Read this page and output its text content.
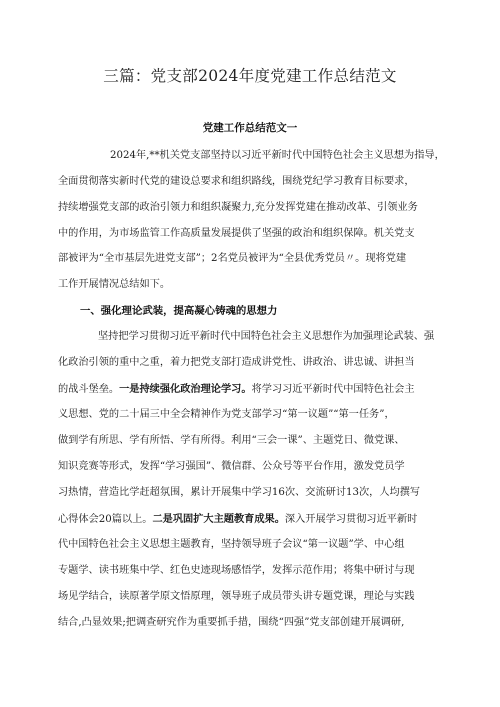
三篇：党支部2024年度党建工作总结范文
党建工作总结范文一
2024年,**机关党支部坚持以习近平新时代中国特色社会主义思想为指导，
全面贯彻落实新时代党的建设总要求和组织路线，围绕党纪学习教育目标要求，
持续增强党支部的政治引领力和组织凝聚力,充分发挥党建在推动改革、引领业务
中的作用，为市场监管工作高质量发展提供了坚强的政治和组织保障。机关党支
部被评为“全市基层先进党支部”；2名党员被评为“全县优秀党员〃。现将党建
工作开展情况总结如下。
一、强化理论武装，提高凝心铸魂的思想力
坚持把学习贯彻习近平新时代中国特色社会主义思想作为加强理论武装、强
化政治引领的重中之重，着力把党支部打造成讲党性、讲政治、讲忠诚、讲担当
的战斗堡垒。一是持续强化政治理论学习。将学习习近平新时代中国特色社会主
义思想、党的二十届三中全会精神作为党支部学习“第一议题”“第一任务”，
做到学有所思、学有所悟、学有所得。利用“三会一课”、主题党日、微党课、
知识竞赛等形式，发挥“学习强国”、微信群、公众号等平台作用，激发党员学
习热情，营造比学赶超氛围，累计开展集中学习16次、交流研讨13次，人均撰写
心得体会20篇以上。二是巩固扩大主题教育成果。深入开展学习贯彻习近平新时
代中国特色社会主义思想主题教育，坚持领导班子会议“第一议题”学、中心组
专题学、读书班集中学、红色史迹现场感悟学，发挥示范作用；将集中研讨与现
场见学结合，读原著学原文悟原理，领导班子成员带头讲专题党课，理论与实践
结合,凸显效果;把调查研究作为重要抓手措，围绕“四强”党支部创建开展调研,
